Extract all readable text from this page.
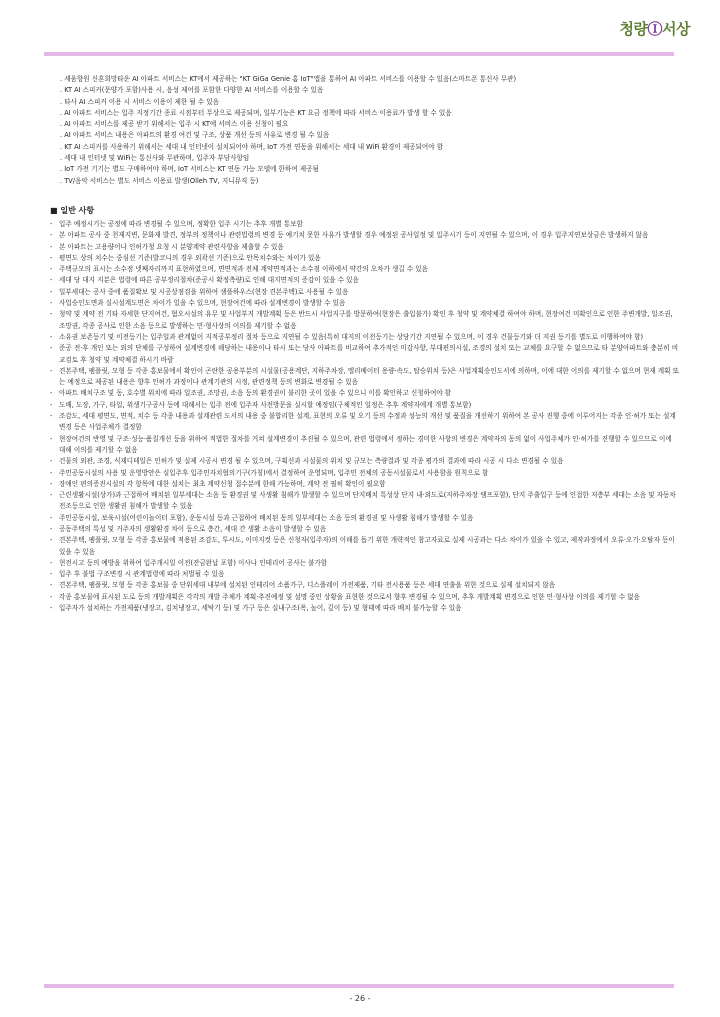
청량Ⓘ서상
. 세움향원 신혼희망타운 AI 아파트 서비스는 KT에서 제공하는 "KT GiGa Genie 홈 IoT"앱을 통하여 AI 아파트 서비스를 이용할 수 있음(스마트폰 통신사 무관)
. KT AI 스피커(문양가 포함)사용 시, 음성 제어를 포함한 다양한 AI 서비스를 이용할 수 있음
. 타사 AI 스피커 이용 시 서비스 이용이 제한 될 수 있음
. AI 아파트 서비스는 입주 지정기간 종료 시점부터 무상으로 제공되며, 일부기능은 KT 요금 정책에 따라 서비스 이용료가 발생 할 수 있음
. AI 아파트 서비스를 제공 받기 위해서는 입주 시 KT에 서비스 이용 신청이 필요
. AI 아파트 서비스 내용은 아파트의 환경 여건 및 구조, 상품 개선 등의 사유로 변경 될 수 있음
. KT AI 스피커를 사용하기 위해서는 세대 내 인터넷이 설치되어야 하며, IoT 가전 연동을 위해서는 세대 내 WiFi 환경이 제공되어야 함
. 세대 내 인터넷 및 WiFi는 통신사와 무관하며, 입주자 부담사항임
. IoT 가전 기기는 별도 구매하여야 하며, IoT 서비스는 KT 연동 가능 모델에 한하여 제공됨
. TV/음악 서비스는 별도 서비스 이용료 발생(Olleh TV, 지니뮤직 등)
■ 일반 사항
- 입주 예정시기는 공정에 따라 변경될 수 있으며, 정확한 입주 시기는 추후 개별 통보함
- 본 아파트 공사 중 천재지변, 문화재 발견, 정부의 정책이나 관련법령의 변경 등 예기치 못한 사유가 발생할 경우 예정된 공사일정 및 입주시기 등이 지연될 수 있으며, 이 경우 입주지연보상금은 발생하지 않음
- 본 아파트는 고용량이나 인허가청 요청 시 분양계약 관련사항을 제출할 수 있음
- 평면도 상의 치수는 중심선 기준(발코니의 경우 외곽선 기준)으로 안목치수와는 차이가 있음
- 주택규모의 표시는 소수점 넷째자리까지 표현하였으며, 면면적과 전체 계약면적과는 소수점 이하에서 약간의 오차가 생길 수 있음
- 세대 당 대지 지분은 법령에 따른 공부정리절차(준공시 확정측량)로 인해 대지면적의 증감이 있을 수 있음
- 일부세대는 공사 중에 품질확보 및 시공상점검을 위하여 샘플하우스(현장 견본주택)로 사용될 수 있음
- 사업승인도면과 실시설계도면은 차이가 있을 수 있으며, 현장여건에 따라 설계변경이 발생할 수 있음
- 청약 및 계약 전 기타 자세한 단지여건, 혐오시설의 유무 및 사업부지 개발계획 등은 반드시 사업지구를 방문하여(현장은 출입불가) 확인 후 청약 및 계약체결 하여야 하며, 현장여건 미확인으로 인한 주변개발, 일조권, 조망권, 각종 공사로 인한 소음 등으로 발생하는 민·형사상의 이의를 제기할 수 없음
- 소유권 보존등기 및 이전등기는 입주일과 관계없이 지적공부정리 절차 등으로 지연될 수 있음(특히 대지의 이전등기는 상당기간 지연될 수 있으며, 이 경우 건물등기와 더 지권 등기를 별도로 이행하여야 함)
- 준공 전·후 개인 또는 외의 단체를 구성하여 설계변경에 해당하는 내용이나 타시 또는 당사 아파트를 비교하여 추가적인 미감사항, 부대편의시설, 조경의 설치 또는 교체를 요구할 수 없으므로 타 분양아파트와 충분히 비교검토 후 청약 및 계약체결 하시기 바람
- 견본주택, 팸플릿, 모형 등 각종 홍보물에서 확인이 곤란한 공용부분의 시설물(공용계단, 지하주차장, 엘리베이터 용량·속도, 탑승위치 등)은 사업계획승인도서에 의하며, 이에 대한 이의를 제기할 수 없으며 현재 계획 또는 예정으로 제공된 내용은 향후 인허가 과정이나 관계기관의 시정, 관련정책 등의 변화로 변경될 수 있음
- 아파트 배치구조 및 동, 호수별 위치에 따라 일조권, 조망권, 소음 등의 환경권이 불리한 곳이 있을 수 있으니 이를 확인하고 신청하여야 함
- 도배, 도장, 가구, 타일, 위생기구공사 등에 대해서는 입주 전에 입주자 사전방문을 실시할 예정임(구체적인 일정은 추후 계약자에게 개별 통보함)
- 조감도, 세대 평면도, 면적, 치수 등 각종 내용과 설계관련 도서의 내용 중 불합리한 설계, 표현의 오류 및 오기 등의 수정과 성능의 개선 및 품질을 개선하기 위하여 본 공사 진행 중에 이루어지는 각종 인·허가 또는 설계변경 등은 사업주체가 결정함
- 현장여건의 반영 및 구조·성능·품질개선 등을 위하여 적법한 절차를 거쳐 설계변경이 추진될 수 있으며, 관련 법령에서 정하는 경미한 사항의 변경은 계약자의 동의 없이 사업주체가 인·허가를 진행할 수 있으므로 이에 대해 이의를 제기할 수 없음
- 건물의 외관, 조경, 식재디테일은 인허가 및 실제 시공시 변경 될 수 있으며, 구획선과 시설물의 위치 및 규모는 측량결과 및 각종 평가의 결과에 따라 시공 시 다소 변경될 수 있음
- 주민공동시설의 사용 및 운영방안은 실입주후 입주민자치협의기구(가칭)에서 결정하여 운영되며, 입주민 전체의 공동시설물로서 사용함을 원칙으로 함
- 장애인 편의증진시설의 각 항목에 대한 설치는 최초 계약신청 접수분에 한해 가능하며, 계약 전 필히 확인이 필요함
- 근린생활시설(상가)과 근접하여 배치된 일부세대는 소음 등 환경권 및 사생활 침해가 발생할 수 있으며 단지배치 특성상 단지 내·외도로(지하주차장 램프포함), 단지 주출입구 등에 인접한 저층부 세대는 소음 및 자동차 전조등으로 인한 생활권 침해가 발생할 수 있음
- 주민공동시설, 보육시설(어린이놀이터 포함), 운동시설 등과 근접하여 배치된 동의 일부세대는 소음 등의 환경권 및 사생활 침해가 발생할 수 있음
- 공동주택의 특성 및 거주자의 생활환경 차이 등으로 층간, 세대 간 생활 소음이 발생할 수 있음
- 견본주택, 팸플릿, 모형 등 각종 홍보물에 적용된 조감도, 투시도, 이미지컷 등은 신청자(입주자)의 이해를 돕기 위한 개략적인 참고자료로 실제 시공과는 다소 차이가 있을 수 있고, 제작과정에서 오류·오기·오탈자 등이 있을 수 있음
- 현전시고 등의 예방을 위하여 입주개시일 이전(잔금완납 포함) 이사나 인테리어 공사는 불가함
- 입주 후 불법 구조변경 시 관계법령에 따라 처벌될 수 있음
- 견본주택, 팸플릿, 모형 등 각종 홍보물 중 단위세대 내부에 설치된 인테리어 소품가구, 디스플레이 가전제품, 기타 전시용품 등은 세대 연출을 위한 것으로 실제 설치되지 않음
- 각종 홍보물에 표시된 도로 등의 개발계획은 각각의 개발 주체가 계획·추진예정 및 설명 중인 상황을 표현한 것으로서 향후 변경될 수 있으며, 추후 개발계획 변경으로 인한 민·형사상 이의를 제기할 수 없음
- 입주자가 설치하는 가전제품(냉장고, 김치냉장고, 세탁기 등) 및 가구 등은 실내구조(폭, 높이, 깊이 등) 및 형태에 따라 배치 불가능할 수 있음
- 26 -
